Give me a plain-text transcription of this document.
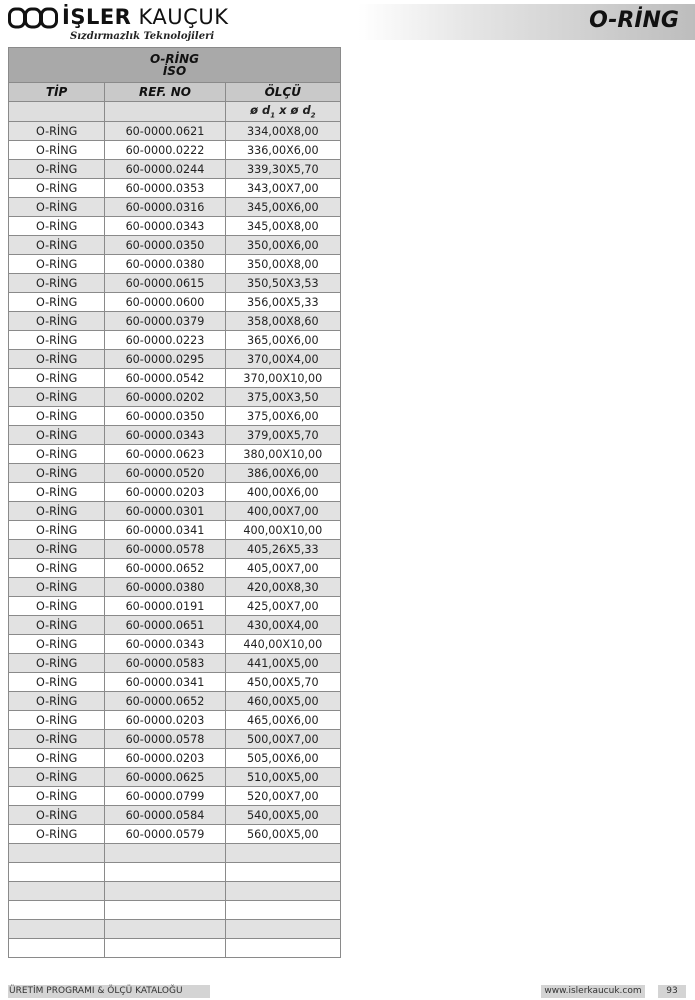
İŞLER KAUÇUK
Sızdırmazlık Teknolojileri
O-RİNG
O-RİNG
İSO		

TİP	REF. NO	ÖLÇÜ
		ø $d_1$ x ø $d_2$
O-RİNG	60-0000.0621	334,00X8,00
O-RİNG	60-0000.0222	336,00X6,00
O-RİNG	60-0000.0244	339,30X5,70
O-RİNG	60-0000.0353	343,00X7,00
O-RİNG	60-0000.0316	345,00X6,00
O-RİNG	60-0000.0343	345,00X8,00
O-RİNG	60-0000.0350	350,00X6,00
O-RİNG	60-0000.0380	350,00X8,00
O-RİNG	60-0000.0615	350,50X3,53
O-RİNG	60-0000.0600	356,00X5,33
O-RİNG	60-0000.0379	358,00X8,60
O-RİNG	60-0000.0223	365,00X6,00
O-RİNG	60-0000.0295	370,00X4,00
O-RİNG	60-0000.0542	370,00X10,00
O-RİNG	60-0000.0202	375,00X3,50
O-RİNG	60-0000.0350	375,00X6,00
O-RİNG	60-0000.0343	379,00X5,70
O-RİNG	60-0000.0623	380,00X10,00
O-RİNG	60-0000.0520	386,00X6,00
O-RİNG	60-0000.0203	400,00X6,00
O-RİNG	60-0000.0301	400,00X7,00
O-RİNG	60-0000.0341	400,00X10,00
O-RİNG	60-0000.0578	405,26X5,33
O-RİNG	60-0000.0652	405,00X7,00
O-RİNG	60-0000.0380	420,00X8,30
O-RİNG	60-0000.0191	425,00X7,00
O-RİNG	60-0000.0651	430,00X4,00
O-RİNG	60-0000.0343	440,00X10,00
O-RİNG	60-0000.0583	441,00X5,00
O-RİNG	60-0000.0341	450,00X5,70
O-RİNG	60-0000.0652	460,00X5,00
O-RİNG	60-0000.0203	465,00X6,00
O-RİNG	60-0000.0578	500,00X7,00
O-RİNG	60-0000.0203	505,00X6,00
O-RİNG	60-0000.0625	510,00X5,00
O-RİNG	60-0000.0799	520,00X7,00
O-RİNG	60-0000.0584	540,00X5,00
O-RİNG	60-0000.0579	560,00X5,00

ÜRETİM PROGRAMI & ÖLÇÜ KATALOĞU	www.islerkaucuk.com	93
